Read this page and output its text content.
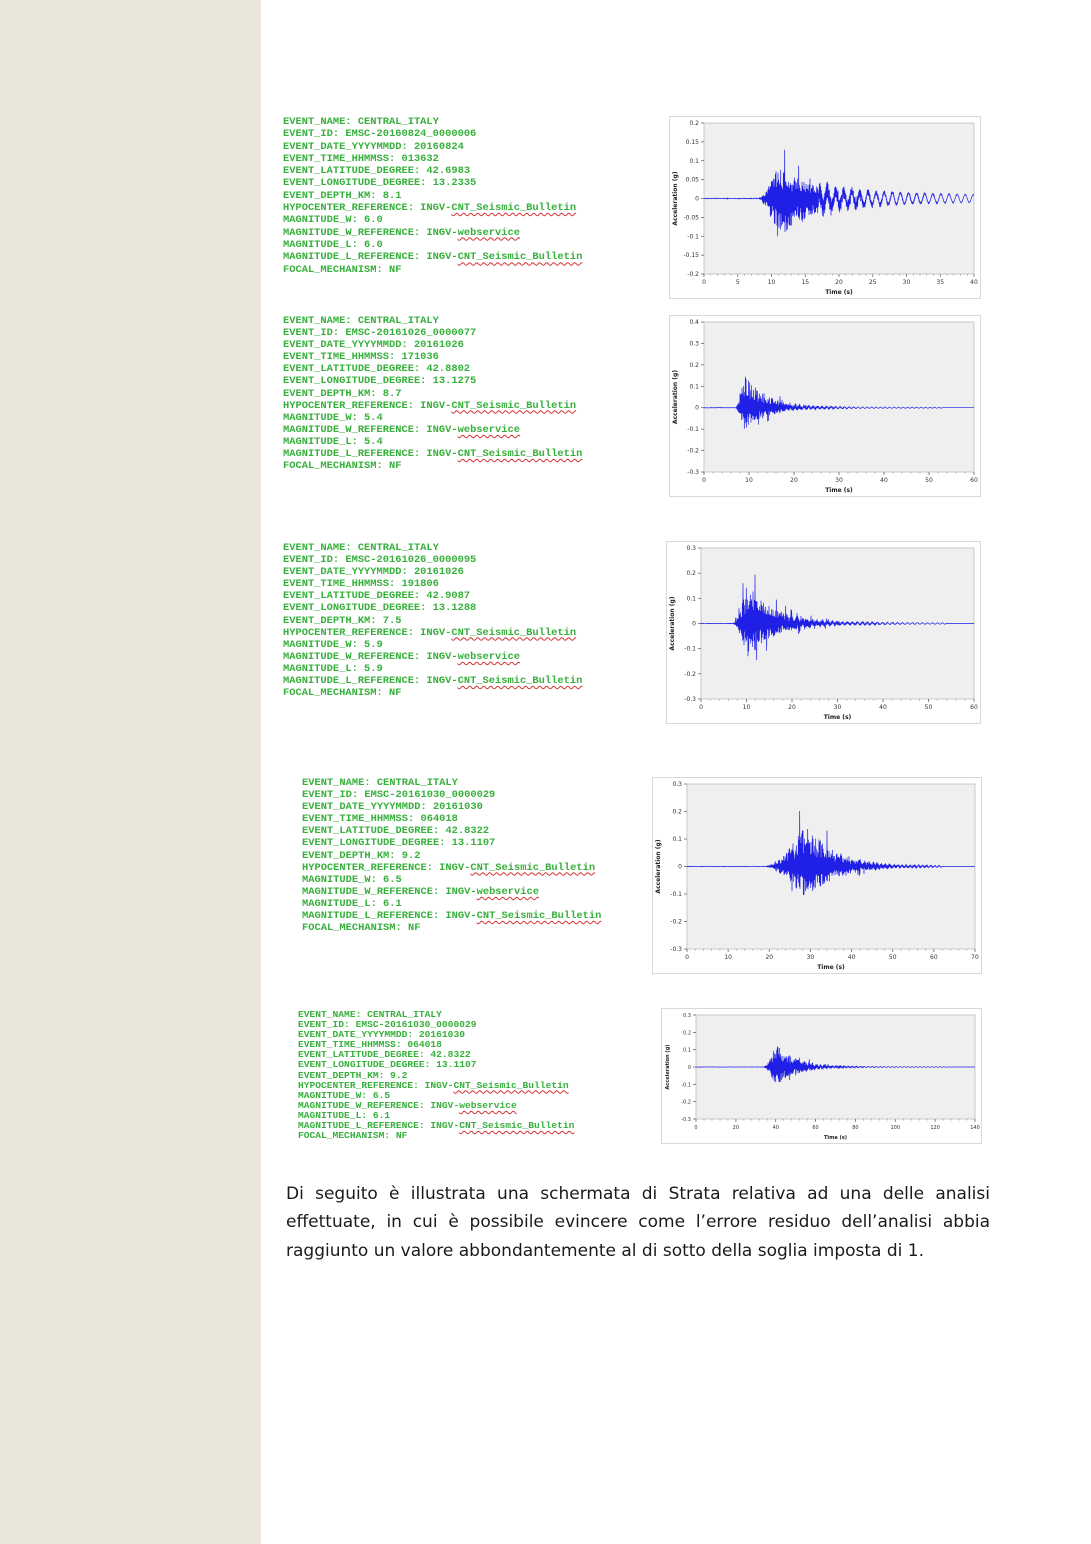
EVENT_NAME: CENTRAL_ITALY
EVENT_ID: EMSC-20160824_0000006
EVENT_DATE_YYYYMMDD: 20160824
EVENT_TIME_HHMMSS: 013632
EVENT_LATITUDE_DEGREE: 42.6983
EVENT_LONGITUDE_DEGREE: 13.2335
EVENT_DEPTH_KM: 8.1
HYPOCENTER_REFERENCE: INGV-CNT_Seismic_Bulletin
MAGNITUDE_W: 6.0
MAGNITUDE_W_REFERENCE: INGV-webservice
MAGNITUDE_L: 6.0
MAGNITUDE_L_REFERENCE: INGV-CNT_Seismic_Bulletin
FOCAL_MECHANISM: NF
EVENT_NAME: CENTRAL_ITALY
EVENT_ID: EMSC-20161026_0000077
EVENT_DATE_YYYYMMDD: 20161026
EVENT_TIME_HHMMSS: 171036
EVENT_LATITUDE_DEGREE: 42.8802
EVENT_LONGITUDE_DEGREE: 13.1275
EVENT_DEPTH_KM: 8.7
HYPOCENTER_REFERENCE: INGV-CNT_Seismic_Bulletin
MAGNITUDE_W: 5.4
MAGNITUDE_W_REFERENCE: INGV-webservice
MAGNITUDE_L: 5.4
MAGNITUDE_L_REFERENCE: INGV-CNT_Seismic_Bulletin
FOCAL_MECHANISM: NF
EVENT_NAME: CENTRAL_ITALY
EVENT_ID: EMSC-20161026_0000095
EVENT_DATE_YYYYMMDD: 20161026
EVENT_TIME_HHMMSS: 191806
EVENT_LATITUDE_DEGREE: 42.9087
EVENT_LONGITUDE_DEGREE: 13.1288
EVENT_DEPTH_KM: 7.5
HYPOCENTER_REFERENCE: INGV-CNT_Seismic_Bulletin
MAGNITUDE_W: 5.9
MAGNITUDE_W_REFERENCE: INGV-webservice
MAGNITUDE_L: 5.9
MAGNITUDE_L_REFERENCE: INGV-CNT_Seismic_Bulletin
FOCAL_MECHANISM: NF
EVENT_NAME: CENTRAL_ITALY
EVENT_ID: EMSC-20161030_0000029
EVENT_DATE_YYYYMMDD: 20161030
EVENT_TIME_HHMMSS: 064018
EVENT_LATITUDE_DEGREE: 42.8322
EVENT_LONGITUDE_DEGREE: 13.1107
EVENT_DEPTH_KM: 9.2
HYPOCENTER_REFERENCE: INGV-CNT_Seismic_Bulletin
MAGNITUDE_W: 6.5
MAGNITUDE_W_REFERENCE: INGV-webservice
MAGNITUDE_L: 6.1
MAGNITUDE_L_REFERENCE: INGV-CNT_Seismic_Bulletin
FOCAL_MECHANISM: NF
EVENT_NAME: CENTRAL_ITALY
EVENT_ID: EMSC-20161030_0000029
EVENT_DATE_YYYYMMDD: 20161030
EVENT_TIME_HHMMSS: 064018
EVENT_LATITUDE_DEGREE: 42.8322
EVENT_LONGITUDE_DEGREE: 13.1107
EVENT_DEPTH_KM: 9.2
HYPOCENTER_REFERENCE: INGV-CNT_Seismic_Bulletin
MAGNITUDE_W: 6.5
MAGNITUDE_W_REFERENCE: INGV-webservice
MAGNITUDE_L: 6.1
MAGNITUDE_L_REFERENCE: INGV-CNT_Seismic_Bulletin
FOCAL_MECHANISM: NF
0	5	10	15	20	25	30	35	40
0.2
0.15
0.1
0.05
0
-0.05
-0.1
-0.15
-0.2
Time (s)
Acceleration (g)
0	10	20	30	40	50	60
0.4
0.3
0.2
0.1
0
-0.1
-0.2
-0.3
Time (s)
Acceleration (g)
0	10	20	30	40	50	60
0.3
0.2
0.1
0
-0.1
-0.2
-0.3
Time (s)
Acceleration (g)
0	10	20	30	40	50	60	70
0.3
0.2
0.1
0
-0.1
-0.2
-0.3
Time (s)
Acceleration (g)
0	20	40	60	80	100	120	140
0.3
0.2
0.1
0
-0.1
-0.2
-0.3
Time (s)
Acceleration (g)

Di seguito è illustrata una schermata di Strata relativa ad una delle analisi effettuate, in cui è possibile evincere come l’errore residuo dell’analisi abbia raggiunto un valore abbondantemente al di sotto della soglia imposta di 1.
